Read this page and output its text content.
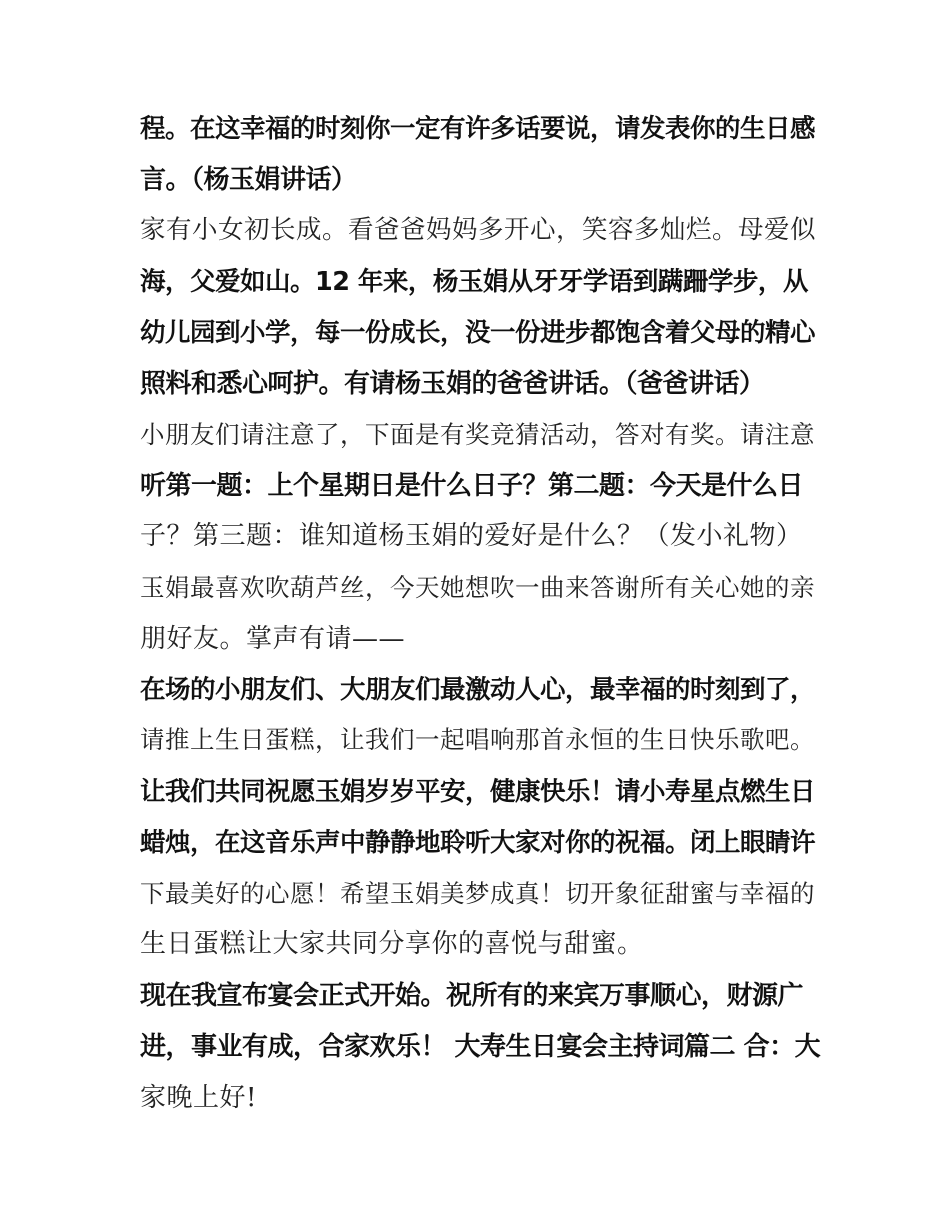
程。在这幸福的时刻你一定有许多话要说，请发表你的生日感
言。（杨玉娟讲话）
家有小女初长成。看爸爸妈妈多开心，笑容多灿烂。母爱似
海，父爱如山。12 年来，杨玉娟从牙牙学语到蹒跚学步，从
幼儿园到小学，每一份成长，没一份进步都饱含着父母的精心
照料和悉心呵护。有请杨玉娟的爸爸讲话。（爸爸讲话）
小朋友们请注意了，下面是有奖竞猜活动，答对有奖。请注意
听第一题：上个星期日是什么日子？第二题：今天是什么日
子？第三题：谁知道杨玉娟的爱好是什么？（发小礼物）
玉娟最喜欢吹葫芦丝，今天她想吹一曲来答谢所有关心她的亲
朋好友。掌声有请——
在场的小朋友们、大朋友们最激动人心，最幸福的时刻到了，
请推上生日蛋糕，让我们一起唱响那首永恒的生日快乐歌吧。
让我们共同祝愿玉娟岁岁平安，健康快乐！请小寿星点燃生日
蜡烛，在这音乐声中静静地聆听大家对你的祝福。闭上眼睛许
下最美好的心愿！希望玉娟美梦成真！切开象征甜蜜与幸福的
生日蛋糕让大家共同分享你的喜悦与甜蜜。
现在我宣布宴会正式开始。祝所有的来宾万事顺心，财源广
进，事业有成，合家欢乐！ 大寿生日宴会主持词篇二 合：大
家晚上好!
